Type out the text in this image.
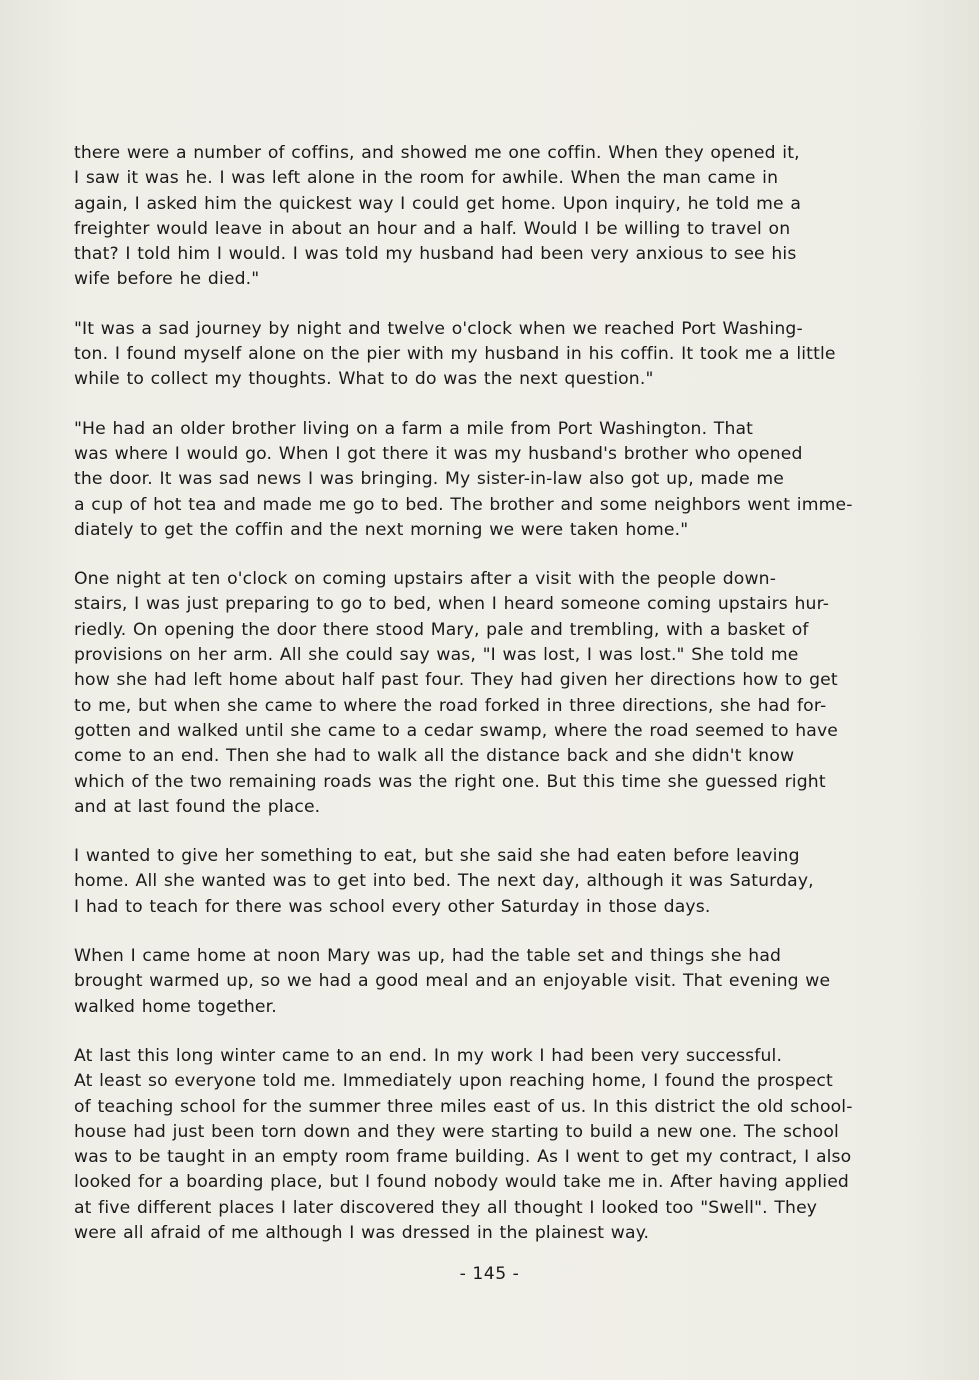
there were a number of coffins, and showed me one coffin. When they opened it,
I saw it was he. I was left alone in the room for awhile. When the man came in
again, I asked him the quickest way I could get home. Upon inquiry, he told me a
freighter would leave in about an hour and a half. Would I be willing to travel on
that? I told him I would. I was told my husband had been very anxious to see his
wife before he died."

"It was a sad journey by night and twelve o'clock when we reached Port Washing-
ton. I found myself alone on the pier with my husband in his coffin. It took me a little
while to collect my thoughts. What to do was the next question."

"He had an older brother living on a farm a mile from Port Washington. That
was where I would go. When I got there it was my husband's brother who opened
the door. It was sad news I was bringing. My sister-in-law also got up, made me
a cup of hot tea and made me go to bed. The brother and some neighbors went imme-
diately to get the coffin and the next morning we were taken home."

One night at ten o'clock on coming upstairs after a visit with the people down-
stairs, I was just preparing to go to bed, when I heard someone coming upstairs hur-
riedly. On opening the door there stood Mary, pale and trembling, with a basket of
provisions on her arm. All she could say was, "I was lost, I was lost." She told me
how she had left home about half past four. They had given her directions how to get
to me, but when she came to where the road forked in three directions, she had for-
gotten and walked until she came to a cedar swamp, where the road seemed to have
come to an end. Then she had to walk all the distance back and she didn't know
which of the two remaining roads was the right one. But this time she guessed right
and at last found the place.

I wanted to give her something to eat, but she said she had eaten before leaving
home. All she wanted was to get into bed. The next day, although it was Saturday,
I had to teach for there was school every other Saturday in those days.

When I came home at noon Mary was up, had the table set and things she had
brought warmed up, so we had a good meal and an enjoyable visit. That evening we
walked home together.

At last this long winter came to an end. In my work I had been very successful.
At least so everyone told me. Immediately upon reaching home, I found the prospect
of teaching school for the summer three miles east of us. In this district the old school-
house had just been torn down and they were starting to build a new one. The school
was to be taught in an empty room frame building. As I went to get my contract, I also
looked for a boarding place, but I found nobody would take me in. After having applied
at five different places I later discovered they all thought I looked too "Swell". They
were all afraid of me although I was dressed in the plainest way.

- 145 -
